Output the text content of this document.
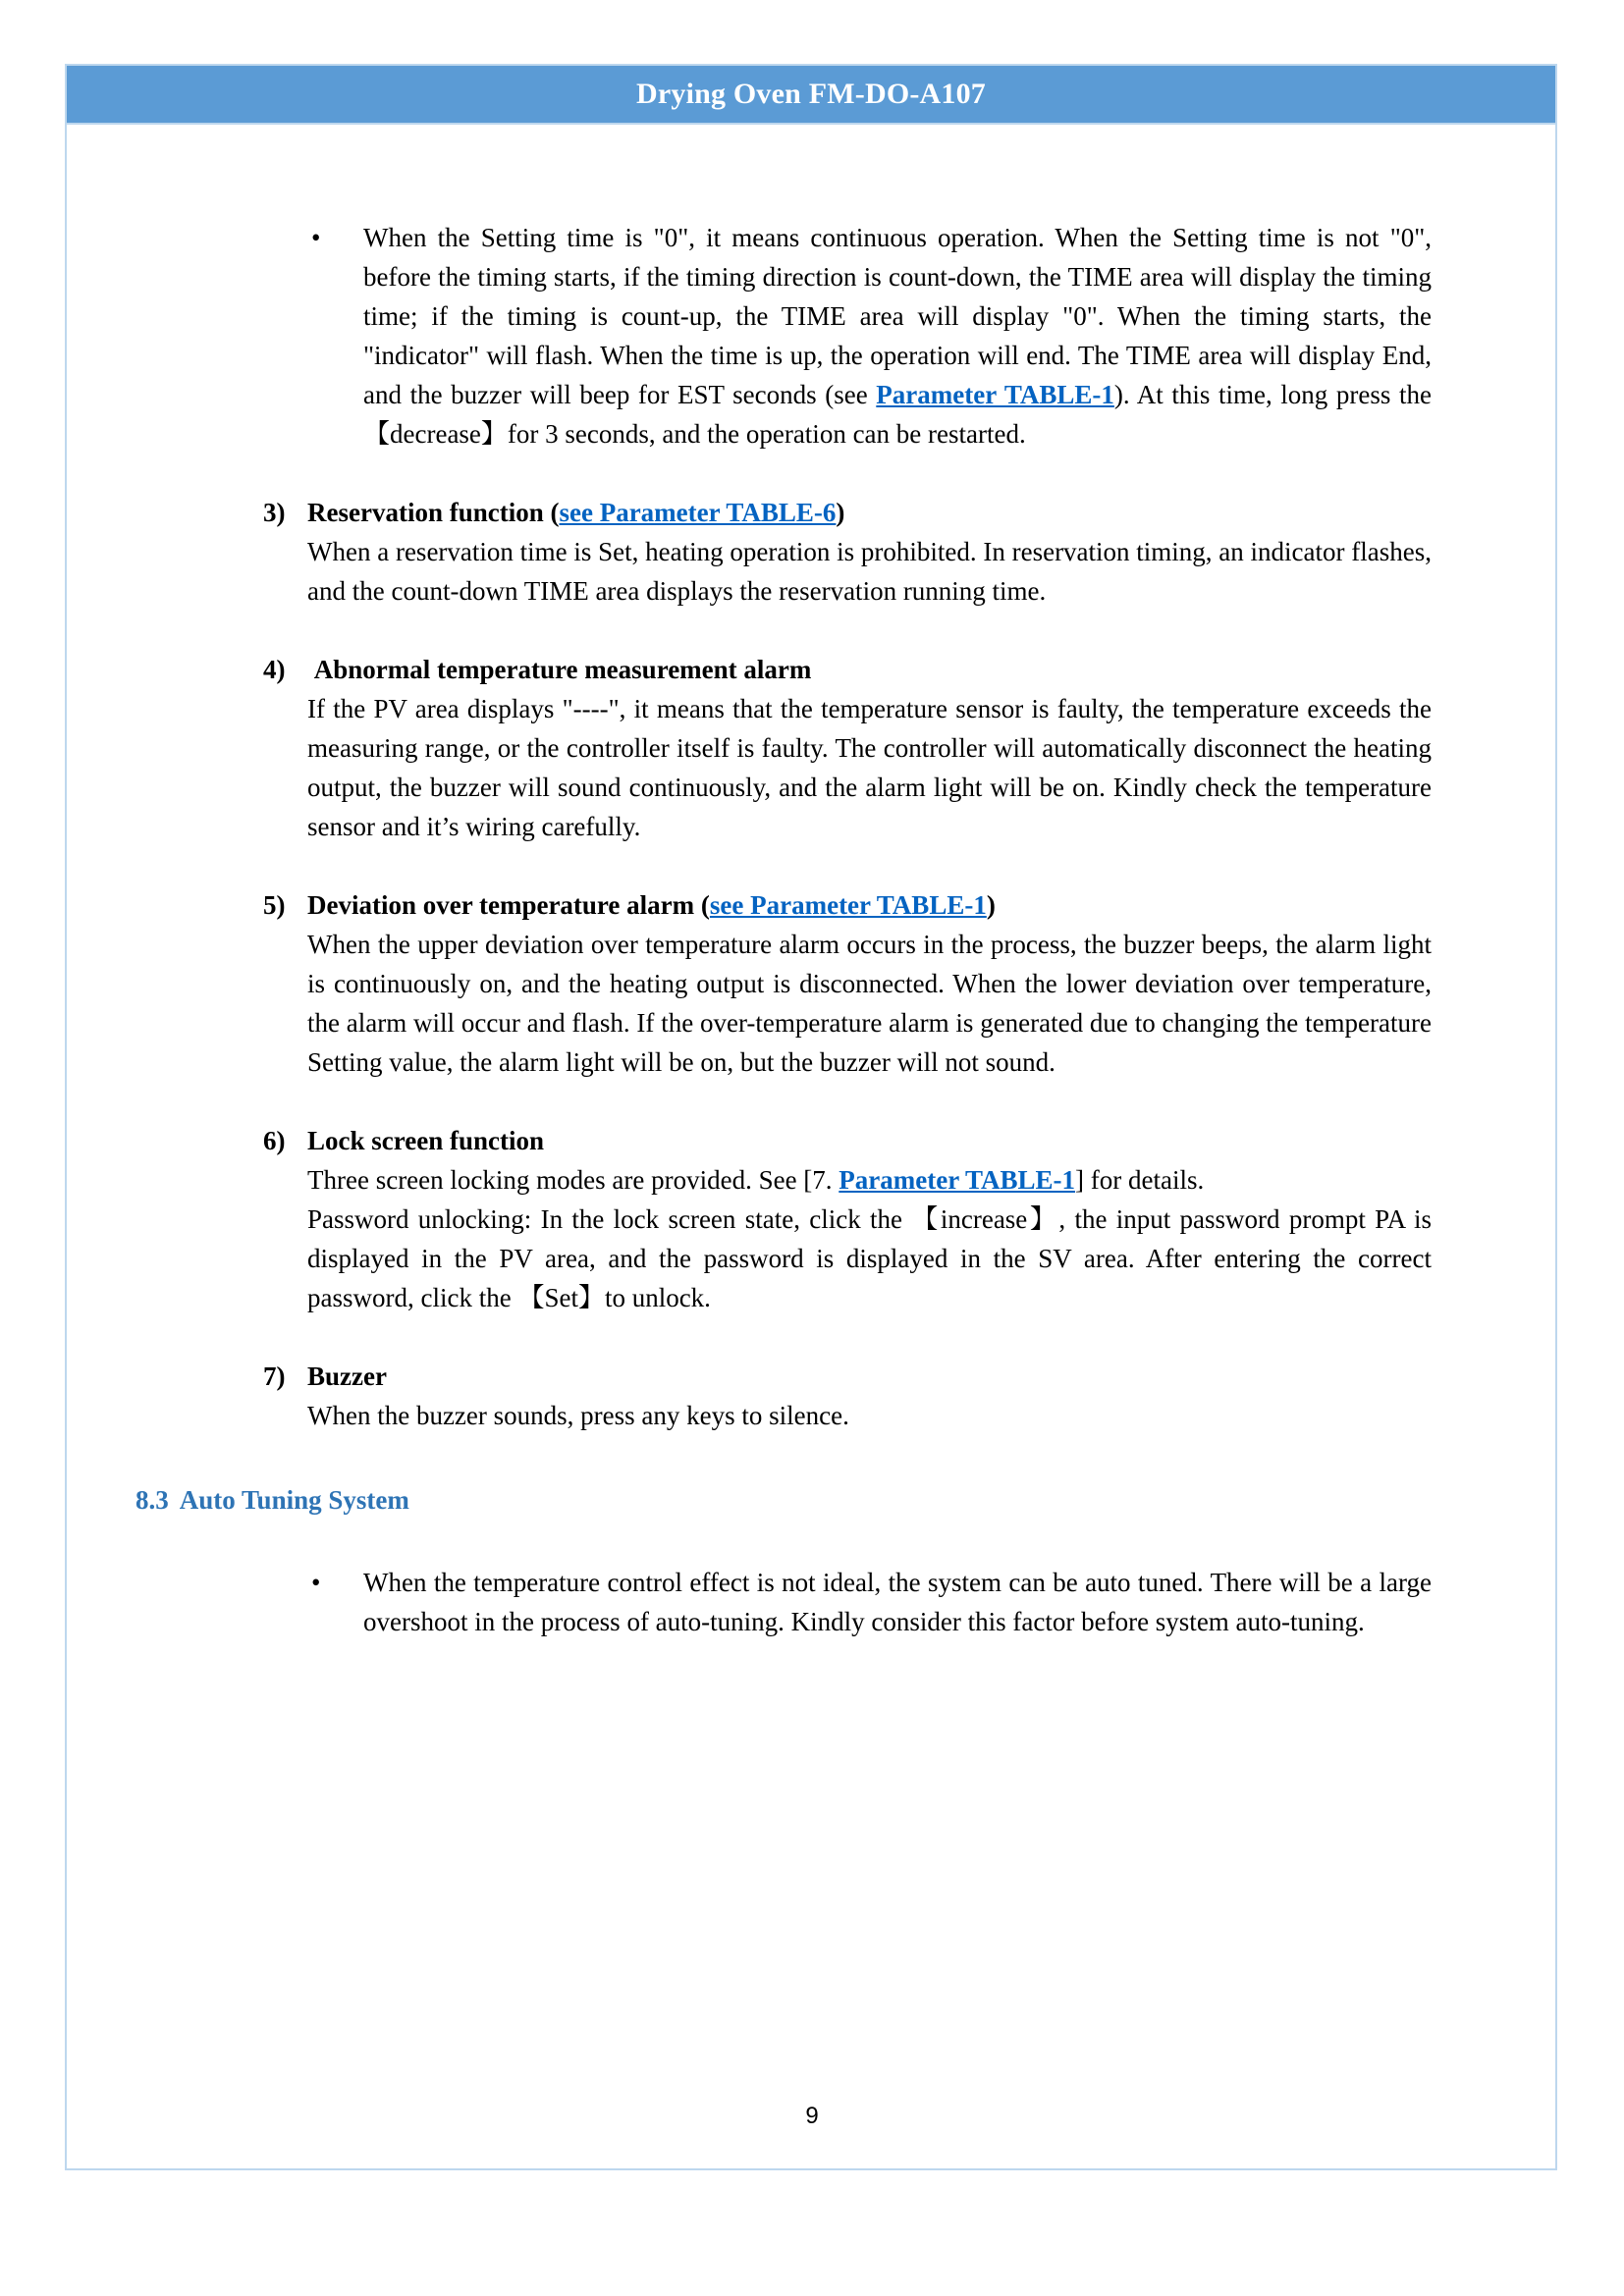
Drying Oven FM-DO-A107
• When the Setting time is "0", it means continuous operation. When the Setting time is not "0", before the timing starts, if the timing direction is count-down, the TIME area will display the timing time; if the timing is count-up, the TIME area will display "0". When the timing starts, the "indicator" will flash. When the time is up, the operation will end. The TIME area will display End, and the buzzer will beep for EST seconds (see Parameter TABLE-1). At this time, long press the 【decrease】for 3 seconds, and the operation can be restarted.
3) Reservation function (see Parameter TABLE-6)
When a reservation time is Set, heating operation is prohibited. In reservation timing, an indicator flashes, and the count-down TIME area displays the reservation running time.
4) Abnormal temperature measurement alarm
If the PV area displays "----", it means that the temperature sensor is faulty, the temperature exceeds the measuring range, or the controller itself is faulty. The controller will automatically disconnect the heating output, the buzzer will sound continuously, and the alarm light will be on. Kindly check the temperature sensor and it’s wiring carefully.
5) Deviation over temperature alarm (see Parameter TABLE-1)
When the upper deviation over temperature alarm occurs in the process, the buzzer beeps, the alarm light is continuously on, and the heating output is disconnected. When the lower deviation over temperature, the alarm will occur and flash. If the over-temperature alarm is generated due to changing the temperature Setting value, the alarm light will be on, but the buzzer will not sound.
6) Lock screen function
Three screen locking modes are provided. See [7. Parameter TABLE-1] for details.
Password unlocking: In the lock screen state, click the 【increase】, the input password prompt PA is displayed in the PV area, and the password is displayed in the SV area. After entering the correct password, click the 【Set】to unlock.
7) Buzzer
When the buzzer sounds, press any keys to silence.
8.3 Auto Tuning System
• When the temperature control effect is not ideal, the system can be auto tuned. There will be a large overshoot in the process of auto-tuning. Kindly consider this factor before system auto-tuning.
9
